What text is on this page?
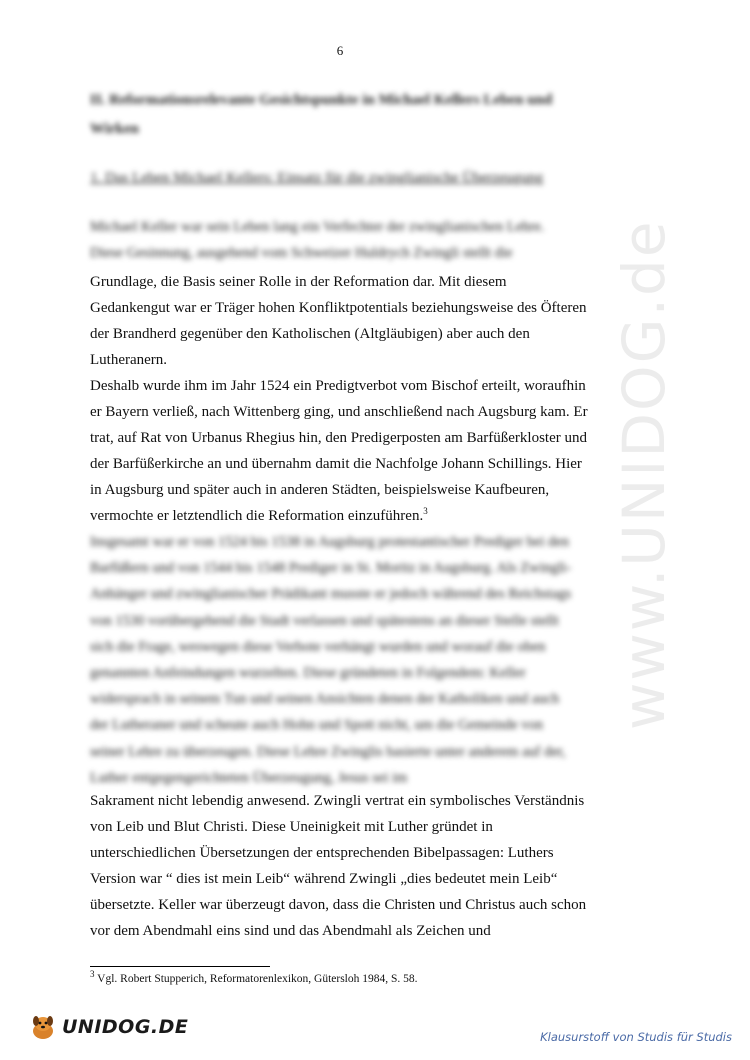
www.UNIDOG.de
6
II. Reformationsrelevante Gesichtspunkte in Michael Kellers Leben und Wirken
1. Das Leben Michael Kellers: Einsatz für die zwinglianische Überzeugung
Michael Keller war sein Leben lang ein Verfechter der zwinglianischen Lehre. Diese Gesinnung, ausgehend vom Schweizer Huldrych Zwingli stellt die

Grundlage, die Basis seiner Rolle in der Reformation dar. Mit diesem Gedankengut war er Träger hohen Konfliktpotentials beziehungsweise des Öfteren der Brandherd gegenüber den Katholischen (Altgläubigen) aber auch den Lutheranern.

Deshalb wurde ihm im Jahr 1524 ein Predigtverbot vom Bischof erteilt, woraufhin er Bayern verließ, nach Wittenberg ging, und anschließend nach Augsburg kam. Er trat, auf Rat von Urbanus Rhegius hin, den Predigerposten am Barfüßerkloster und der Barfüßerkirche an und übernahm damit die Nachfolge Johann Schillings. Hier in Augsburg und später auch in anderen Städten, beispielsweise Kaufbeuren, vermochte er letztendlich die Reformation einzuführen.$^3$

Insgesamt war er von 1524 bis 1538 in Augsburg protestantischer Prediger bei den Barfüßern und von 1544 bis 1548 Prediger in St. Moritz in Augsburg. Als Zwingli- Anhänger und zwinglianischer Prädikant musste er jedoch während des Reichstags von 1530 vorübergehend die Stadt verlassen und spätestens an dieser Stelle stellt sich die Frage, weswegen diese Verbote verhängt wurden und worauf die oben genannten Anfeindungen wurzelten. Diese gründeten in Folgendem: Keller widersprach in seinem Tun und seinen Ansichten denen der Katholiken und auch der Lutheraner und scheute auch Hohn und Spott nicht, um die Gemeinde von seiner Lehre zu überzeugen. Diese Lehre Zwinglis basierte unter anderem auf der, Luther entgegengerichteten Überzeugung, Jesus sei im

Sakrament nicht lebendig anwesend. Zwingli vertrat ein symbolisches Verständnis von Leib und Blut Christi. Diese Uneinigkeit mit Luther gründet in unterschiedlichen Übersetzungen der entsprechenden Bibelpassagen: Luthers Version war “ dies ist mein Leib“ während Zwingli „dies bedeutet mein Leib“ übersetzte. Keller war überzeugt davon, dass die Christen und Christus auch schon vor dem Abendmahl eins sind und das Abendmahl als Zeichen und

$^3$ Vgl. Robert Stupperich, Reformatorenlexikon, Gütersloh 1984, S. 58.
UNIDOG.DE	Klausurstoff von Studis für Studis
